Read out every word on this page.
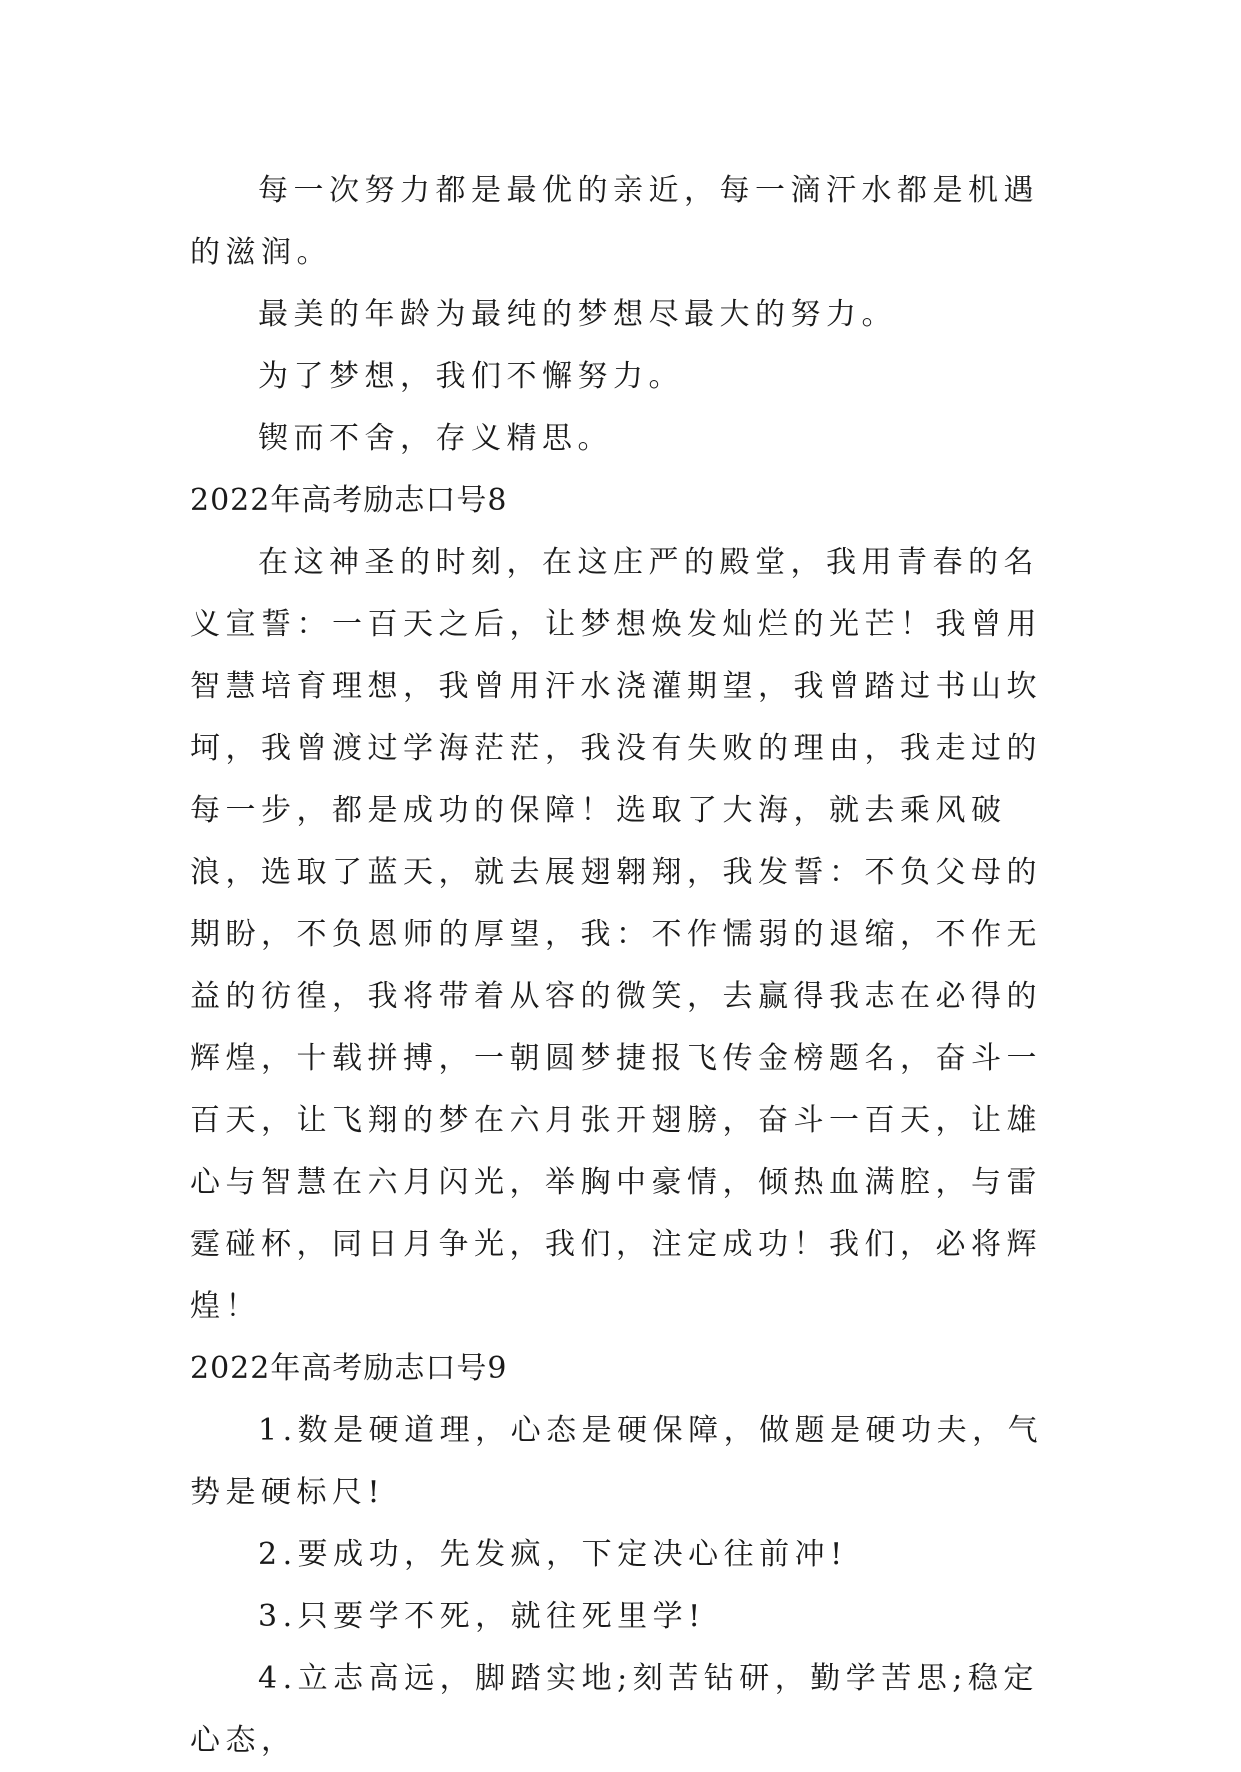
每一次努力都是最优的亲近，每一滴汗水都是机遇的滋润。

最美的年龄为最纯的梦想尽最大的努力。

为了梦想，我们不懈努力。

锲而不舍，存义精思。

2022年高考励志口号8

在这神圣的时刻，在这庄严的殿堂，我用青春的名义宣誓：一百天之后，让梦想焕发灿烂的光芒！我曾用智慧培育理想，我曾用汗水浇灌期望，我曾踏过书山坎坷，我曾渡过学海茫茫，我没有失败的理由，我走过的每一步，都是成功的保障！选取了大海，就去乘风破浪，选取了蓝天，就去展翅翱翔，我发誓：不负父母的期盼，不负恩师的厚望，我：不作懦弱的退缩，不作无益的彷徨，我将带着从容的微笑，去赢得我志在必得的辉煌，十载拼搏，一朝圆梦捷报飞传金榜题名，奋斗一百天，让飞翔的梦在六月张开翅膀，奋斗一百天，让雄心与智慧在六月闪光，举胸中豪情，倾热血满腔，与雷霆碰杯，同日月争光，我们，注定成功！我们，必将辉煌！

2022年高考励志口号9

1.数是硬道理，心态是硬保障，做题是硬功夫，气势是硬标尺!

2.要成功，先发疯，下定决心往前冲!

3.只要学不死，就往死里学!

4.立志高远，脚踏实地;刻苦钻研，勤学苦思;稳定心态，
